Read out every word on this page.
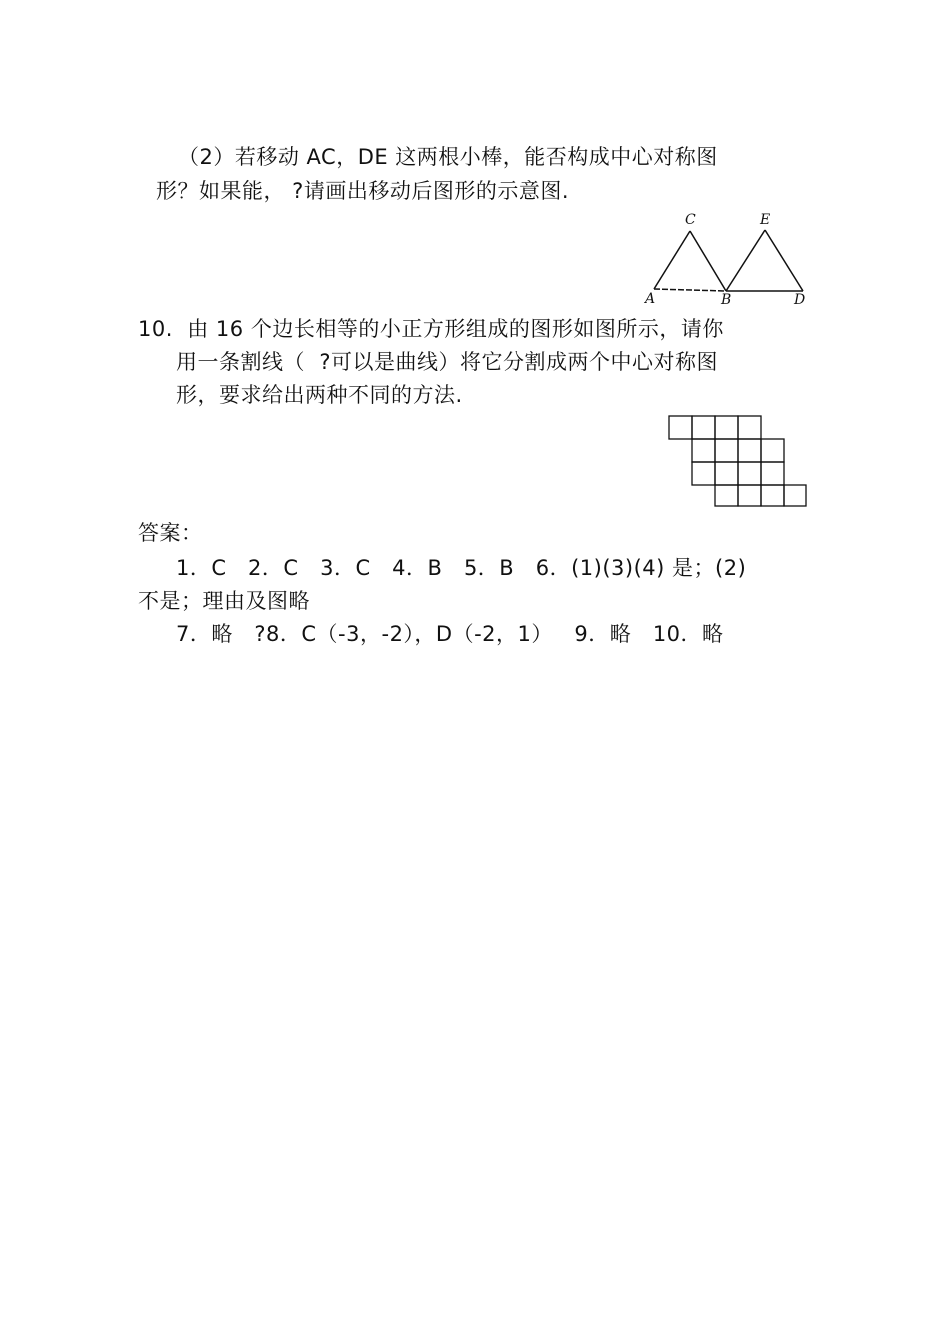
（2）若移动 AC，DE 这两根小棒，能否构成中心对称图
形？如果能， ?请画出移动后图形的示意图.
C	E
A	B	D
10.  由 16 个边长相等的小正方形组成的图形如图所示，请你
用一条割线（  ?可以是曲线）将它分割成两个中心对称图
形，要求给出两种不同的方法.
答案：
1．C   2．C   3．C   4．B   5．B   6．(1)(3)(4) 是；(2)
不是；理由及图略
7．略   ?8．C（-3，-2），D（-2，1）   9．略   10．略
